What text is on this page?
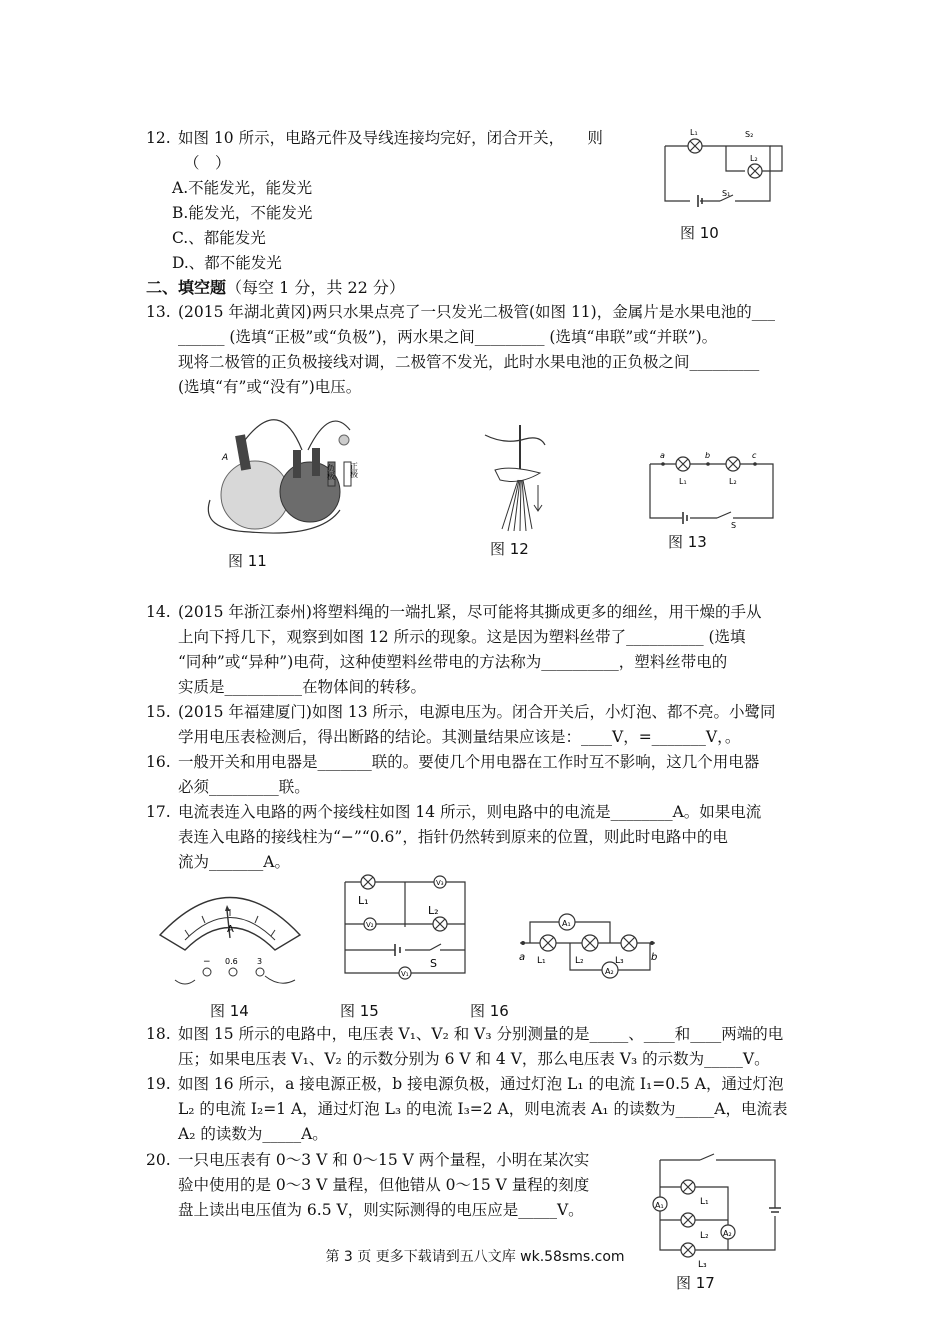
12. 如图 10 所示，电路元件及导线连接均完好，闭合开关，　　则
（　）
A.不能发光，能发光
B.能发光，不能发光
C.、都能发光
D.、都不能发光
L₁	S₂
L₂
S₁
图 10
二、填空题（每空 1 分，共 22 分）
13. (2015 年湖北黄冈)两只水果点亮了一只发光二极管(如图 11)，金属片是水果电池的___
______ (选填“正极”或“负极”)，两水果之间_________ (选填“串联”或“并联”)。
现将二极管的正负极接线对调，二极管不发光，此时水果电池的正负极之间_________
(选填“有”或“没有”)电压。
A
负极 正极
图 11
图 12
a	b	c
L₁	L₂
S
图 13
14. (2015 年浙江泰州)将塑料绳的一端扎紧，尽可能将其撕成更多的细丝，用干燥的手从
上向下捋几下，观察到如图 12 所示的现象。这是因为塑料丝带了__________ (选填
“同种”或“异种”)电荷，这种使塑料丝带电的方法称为__________，塑料丝带电的
实质是__________在物体间的转移。
15. (2015 年福建厦门)如图 13 所示，电源电压为。闭合开关后，小灯泡、都不亮。小鹭同
学用电压表检测后，得出断路的结论。其测量结果应该是：____V，=_______V，。
16. 一般开关和用电器是_______联的。要使几个用电器在工作时互不影响，这几个用电器
必须_________联。
17. 电流表连入电路的两个接线柱如图 14 所示，则电路中的电流是________A。如果电流
表连入电路的接线柱为“−”“0.6”，指针仍然转到原来的位置，则此时电路中的电
流为_______A。
A
− 0.6 3
图 14
V₃
V₂
V₁
L₁
L₂
S
图 15
A₁
A₂
a	b
L₁	L₂	L₃
图 16
18. 如图 15 所示的电路中，电压表 V₁、V₂ 和 V₃ 分别测量的是_____、____和____两端的电
压；如果电压表 V₁、V₂ 的示数分别为 6 V 和 4 V，那么电压表 V₃ 的示数为_____V。
19. 如图 16 所示，a 接电源正极，b 接电源负极，通过灯泡 L₁ 的电流 I₁=0.5 A，通过灯泡
L₂ 的电流 I₂=1 A，通过灯泡 L₃ 的电流 I₃=2 A，则电流表 A₁ 的读数为_____A，电流表
A₂ 的读数为_____A。
20. 一只电压表有 0～3 V 和 0～15 V 两个量程，小明在某次实
验中使用的是 0～3 V 量程，但他错从 0～15 V 量程的刻度
盘上读出电压值为 6.5 V，则实际测得的电压应是_____V。	A₁
A₂
L₁
L₂
L₃
图 17
第 3 页 更多下载请到五八文库 wk.58sms.com
